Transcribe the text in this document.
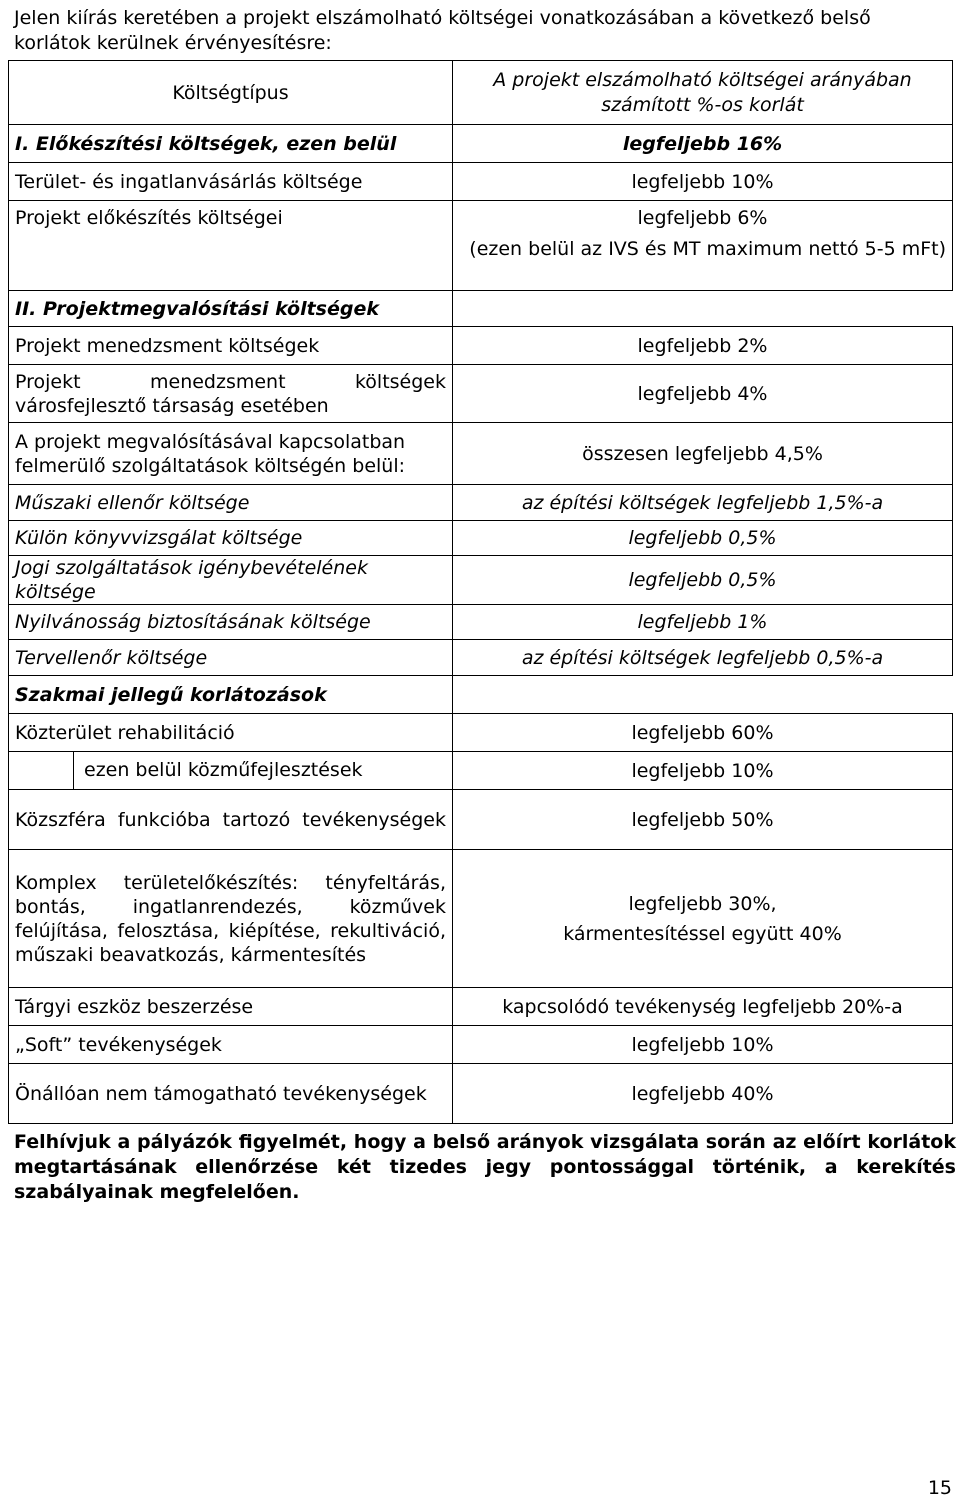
Jelen kiírás keretében a projekt elszámolható költségei vonatkozásában a következő belső korlátok kerülnek érvényesítésre:
Költségtípus	A projekt elszámolható költségei arányában számított %-os korlát
I. Előkészítési költségek, ezen belül	legfeljebb 16%
Terület- és ingatlanvásárlás költsége	legfeljebb 10%
Projekt előkészítés költségei	legfeljebb 6%
(ezen belül az IVS és MT maximum nettó 5-5 mFt)

II. Projektmegvalósítási költségek	
Projekt menedzsment költségek	legfeljebb 2%
Projekt menedzsment költségek városfejlesztő társaság esetében	legfeljebb 4%
A projekt megvalósításával kapcsolatban felmerülő szolgáltatások költségén belül:	összesen legfeljebb 4,5%
Műszaki ellenőr költsége	az építési költségek legfeljebb 1,5%-a
Külön könyvvizsgálat költsége	legfeljebb 0,5%
Jogi szolgáltatások igénybevételének költsége	legfeljebb 0,5%
Nyilvánosság biztosításának költsége	legfeljebb 1%
Tervellenőr költsége	az építési költségek legfeljebb 0,5%-a
Szakmai jellegű korlátozások	
Közterület rehabilitáció	legfeljebb 60%

ezen belül közműfejlesztések	legfeljebb 10%

Közszféra funkcióba tartozó tevékenységek	legfeljebb 50%
Komplex területelőkészítés: tényfeltárás, bontás, ingatlanrendezés, közművek felújítása, felosztása, kiépítése, rekultiváció, műszaki beavatkozás, kármentesítés	legfeljebb 30%,
kármentesítéssel együtt 40%

Tárgyi eszköz beszerzése	kapcsolódó tevékenység legfeljebb 20%-a
„Soft” tevékenységek	legfeljebb 10%
Önállóan nem támogatható tevékenységek	legfeljebb 40%
Felhívjuk a pályázók figyelmét, hogy a belső arányok vizsgálata során az előírt korlátok megtartásának ellenőrzése két tizedes jegy pontossággal történik, a kerekítés szabályainak megfelelően.
15
